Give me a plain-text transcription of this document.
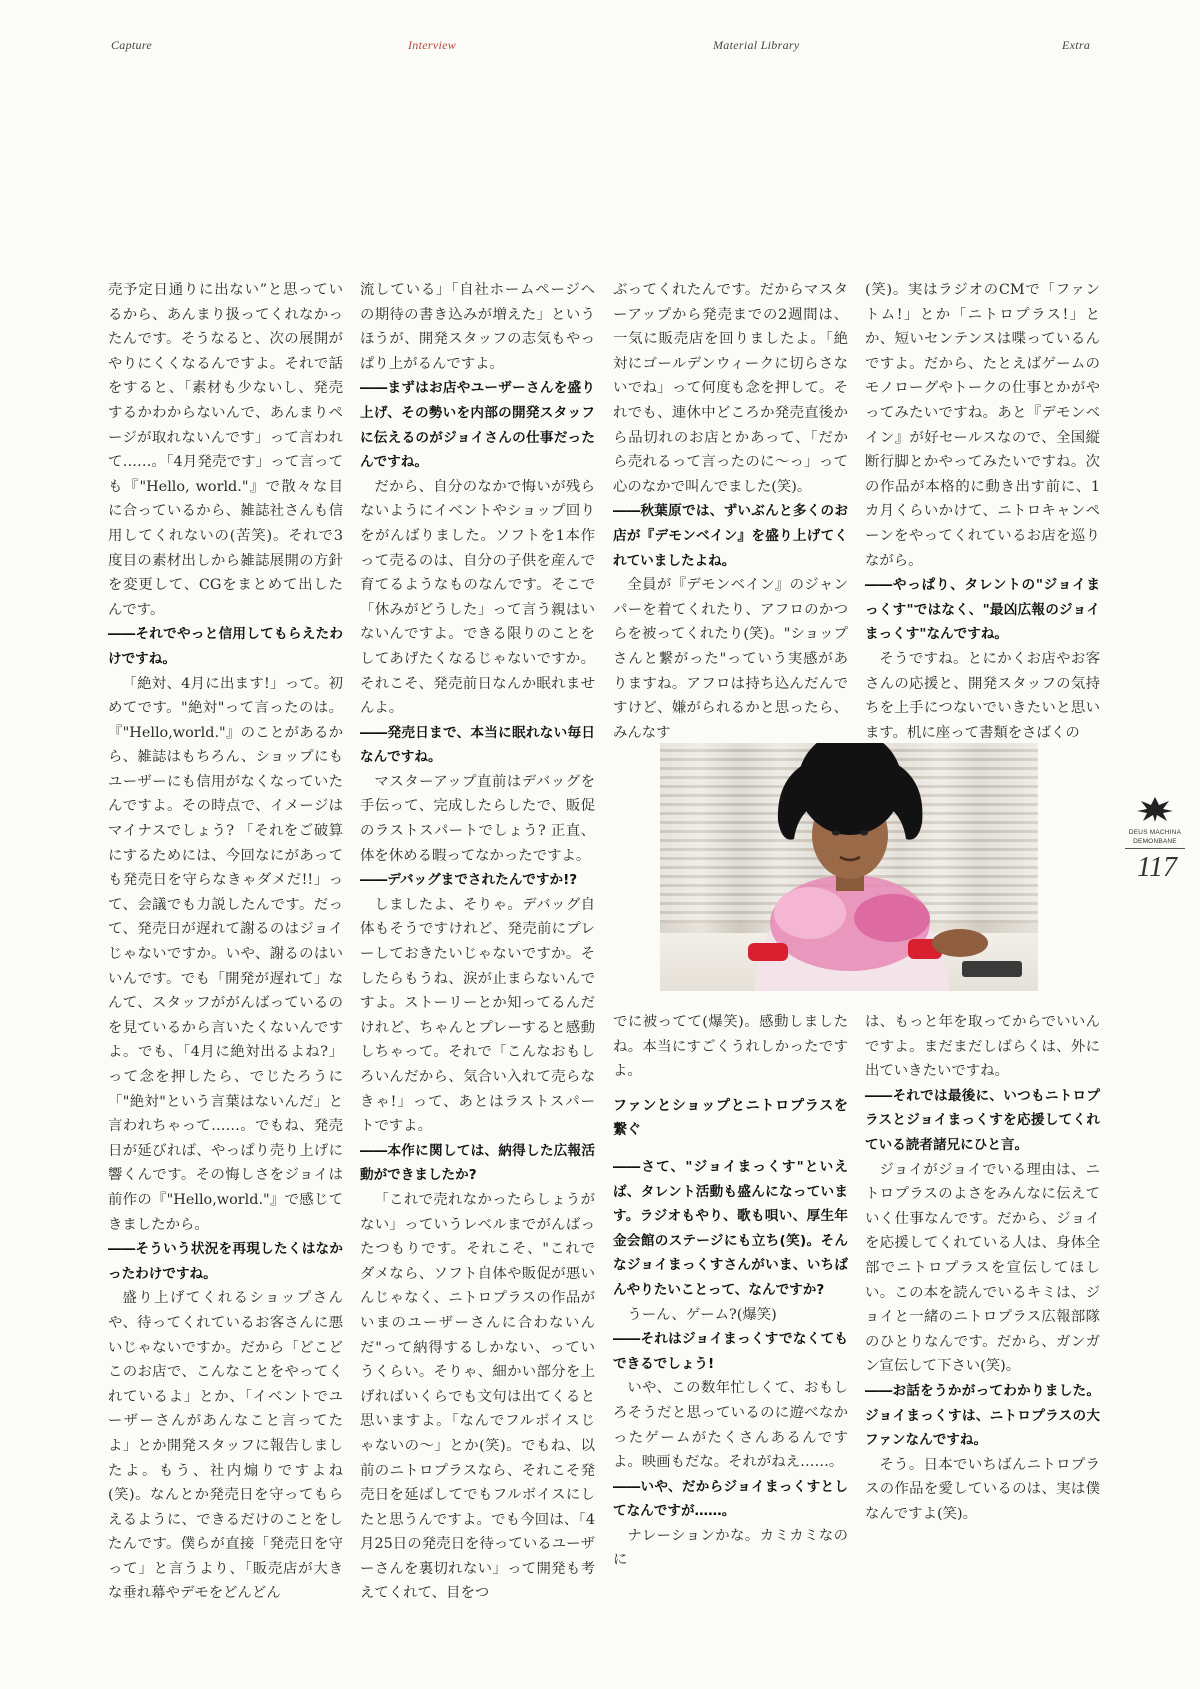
Capture	Interview	Material Library	Extra

売予定日通りに出ない”と思っているから、あんまり扱ってくれなかったんです。そうなると、次の展開がやりにくくなるんですよ。それで話をすると、「素材も少ないし、発売するかわからないんで、あんまりページが取れないんです」って言われて……。「4月発売です」って言っても『"Hello, world."』で散々な目に合っているから、雑誌社さんも信用してくれないの(苦笑)。それで3度目の素材出しから雑誌展開の方針を変更して、CGをまとめて出したんです。

――それでやっと信用してもらえたわけですね。

「絶対、4月に出ます!」って。初めてです。"絶対"って言ったのは。『"Hello,world."』のことがあるから、雑誌はもちろん、ショップにもユーザーにも信用がなくなっていたんですよ。その時点で、イメージはマイナスでしょう? 「それをご破算にするためには、今回なにがあっても発売日を守らなきゃダメだ!!」って、会議でも力説したんです。だって、発売日が遅れて謝るのはジョイじゃないですか。いや、謝るのはいいんです。でも「開発が遅れて」なんて、スタッフががんばっているのを見ているから言いたくないんですよ。でも、「4月に絶対出るよね?」って念を押したら、でじたろうに「"絶対"という言葉はないんだ」と言われちゃって……。でもね、発売日が延びれば、やっぱり売り上げに響くんです。その悔しさをジョイは前作の『"Hello,world."』で感じてきましたから。

――そういう状況を再現したくはなかったわけですね。

盛り上げてくれるショップさんや、待ってくれているお客さんに悪いじゃないですか。だから「どこどこのお店で、こんなことをやってくれているよ」とか、「イベントでユーザーさんがあんなこと言ってたよ」とか開発スタッフに報告しましたよ。もう、社内煽りですよね(笑)。なんとか発売日を守ってもらえるように、できるだけのことをしたんです。僕らが直接「発売日を守って」と言うより、「販売店が大きな垂れ幕やデモをどんどん

流している」「自社ホームページへの期待の書き込みが増えた」というほうが、開発スタッフの志気もやっぱり上がるんですよ。

――まずはお店やユーザーさんを盛り上げ、その勢いを内部の開発スタッフに伝えるのがジョイさんの仕事だったんですね。

だから、自分のなかで悔いが残らないようにイベントやショップ回りをがんばりました。ソフトを1本作って売るのは、自分の子供を産んで育てるようなものなんです。そこで「休みがどうした」って言う親はいないんですよ。できる限りのことをしてあげたくなるじゃないですか。それこそ、発売前日なんか眠れませんよ。

――発売日まで、本当に眠れない毎日なんですね。

マスターアップ直前はデバッグを手伝って、完成したらしたで、販促のラストスパートでしょう? 正直、体を休める暇ってなかったですよ。

――デバッグまでされたんですか!?

しましたよ、そりゃ。デバッグ自体もそうですけれど、発売前にプレーしておきたいじゃないですか。そしたらもうね、涙が止まらないんですよ。ストーリーとか知ってるんだけれど、ちゃんとプレーすると感動しちゃって。それで「こんなおもしろいんだから、気合い入れて売らなきゃ!」って、あとはラストスパートですよ。

――本作に関しては、納得した広報活動ができましたか?

「これで売れなかったらしょうがない」っていうレベルまでがんばったつもりです。それこそ、"これでダメなら、ソフト自体や販促が悪いんじゃなく、ニトロプラスの作品がいまのユーザーさんに合わないんだ"って納得するしかない、っていうくらい。そりゃ、細かい部分を上げればいくらでも文句は出てくると思いますよ。「なんでフルボイスじゃないの～」とか(笑)。でもね、以前のニトロプラスなら、それこそ発売日を延ばしてでもフルボイスにしたと思うんですよ。でも今回は、「4月25日の発売日を待っているユーザーさんを裏切れない」って開発も考えてくれて、目をつ

ぶってくれたんです。だからマスターアップから発売までの2週間は、一気に販売店を回りましたよ。「絶対にゴールデンウィークに切らさないでね」って何度も念を押して。それでも、連休中どころか発売直後から品切れのお店とかあって、「だから売れるって言ったのに～っ」って心のなかで叫んでました(笑)。

――秋葉原では、ずいぶんと多くのお店が『デモンベイン』を盛り上げてくれていましたよね。

全員が『デモンベイン』のジャンパーを着てくれたり、アフロのかつらを被ってくれたり(笑)。"ショップさんと繋がった"っていう実感がありますね。アフロは持ち込んだんですけど、嫌がられるかと思ったら、みんなす

(笑)。実はラジオのCMで「ファントム!」とか「ニトロプラス!」とか、短いセンテンスは喋っているんですよ。だから、たとえばゲームのモノローグやトークの仕事とかがやってみたいですね。あと『デモンベイン』が好セールスなので、全国縦断行脚とかやってみたいですね。次の作品が本格的に動き出す前に、1カ月くらいかけて、ニトロキャンペーンをやってくれているお店を巡りながら。

――やっぱり、タレントの"ジョイまっくす"ではなく、"最凶広報のジョイまっくす"なんですね。

そうですね。とにかくお店やお客さんの応援と、開発スタッフの気持ちを上手につないでいきたいと思います。机に座って書類をさばくの

でに被ってて(爆笑)。感動しましたね。本当にすごくうれしかったですよ。

ファンとショップとニトロプラスを繋ぐ

――さて、"ジョイまっくす"といえば、タレント活動も盛んになっています。ラジオもやり、歌も唄い、厚生年金会館のステージにも立ち(笑)。そんなジョイまっくすさんがいま、いちばんやりたいことって、なんですか?

うーん、ゲーム?(爆笑)

――それはジョイまっくすでなくてもできるでしょう!

いや、この数年忙しくて、おもしろそうだと思っているのに遊べなかったゲームがたくさんあるんですよ。映画もだな。それがねえ……。

――いや、だからジョイまっくすとしてなんですが……。

ナレーションかな。カミカミなのに

は、もっと年を取ってからでいいんですよ。まだまだしばらくは、外に出ていきたいですね。

――それでは最後に、いつもニトロプラスとジョイまっくすを応援してくれている読者諸兄にひと言。

ジョイがジョイでいる理由は、ニトロプラスのよさをみんなに伝えていく仕事なんです。だから、ジョイを応援してくれている人は、身体全部でニトロプラスを宣伝してほしい。この本を読んでいるキミは、ジョイと一緒のニトロプラス広報部隊のひとりなんです。だから、ガンガン宣伝して下さい(笑)。

――お話をうかがってわかりました。ジョイまっくすは、ニトロプラスの大ファンなんですね。

そう。日本でいちばんニトロプラスの作品を愛しているのは、実は僕なんですよ(笑)。

DEUS MACHINA
DEMONBANE
117
